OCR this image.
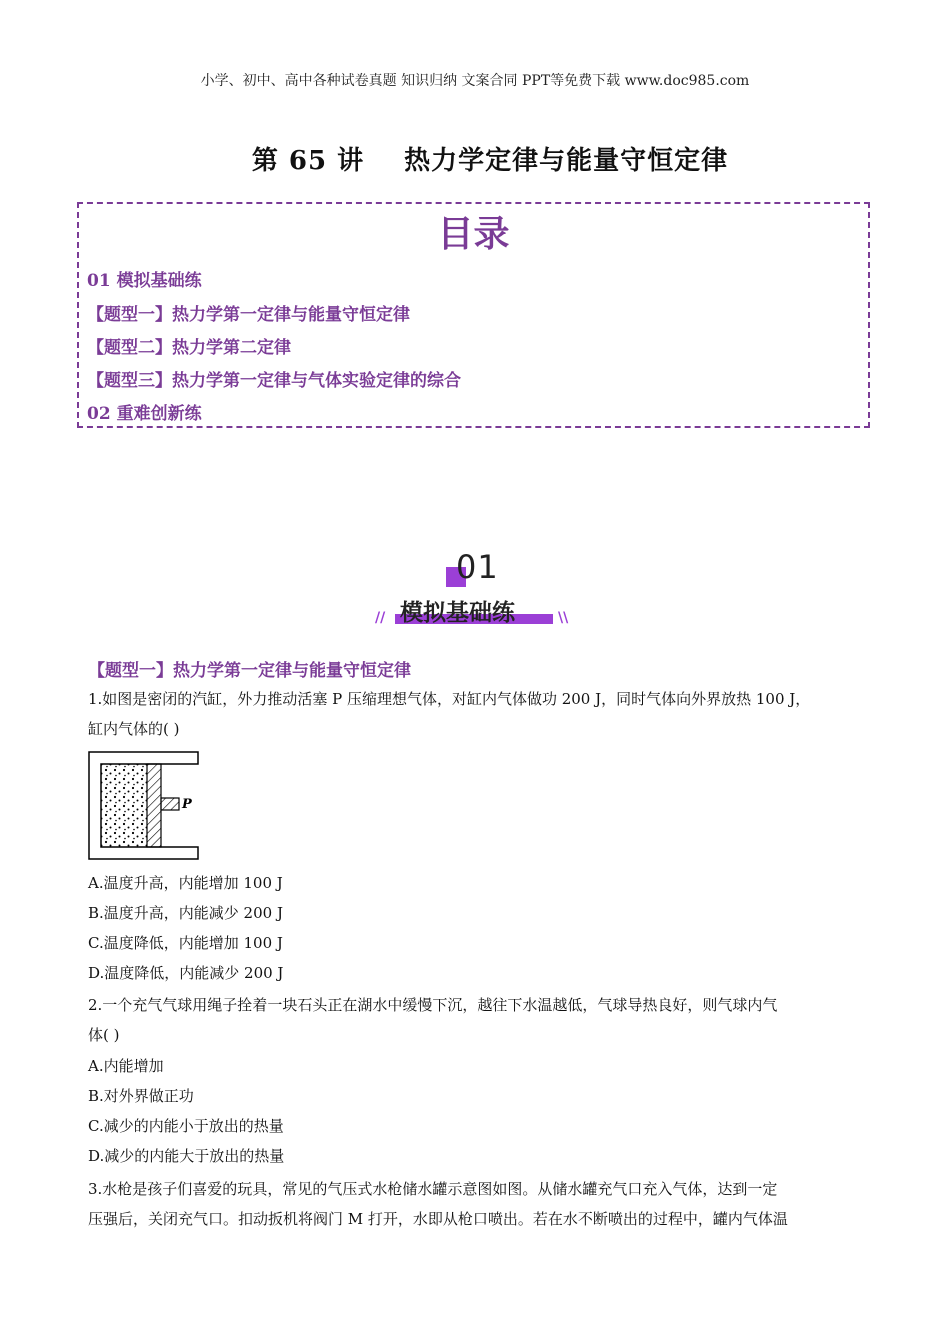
小学、初中、高中各种试卷真题 知识归纳 文案合同 PPT等免费下载 www.doc985.com
第 65 讲 热力学定律与能量守恒定律
目录
01 模拟基础练
【题型一】热力学第一定律与能量守恒定律
【题型二】热力学第二定律
【题型三】热力学第一定律与气体实验定律的综合
02 重难创新练
01
模拟基础练
//	\\
【题型一】热力学第一定律与能量守恒定律
1.如图是密闭的汽缸，外力推动活塞 P 压缩理想气体，对缸内气体做功 200 J，同时气体向外界放热 100 J，
缸内气体的( )
P
A.温度升高，内能增加 100 J
B.温度升高，内能减少 200 J
C.温度降低，内能增加 100 J
D.温度降低，内能减少 200 J
2.一个充气气球用绳子拴着一块石头正在湖水中缓慢下沉，越往下水温越低，气球导热良好，则气球内气
体( )
A.内能增加
B.对外界做正功
C.减少的内能小于放出的热量
D.减少的内能大于放出的热量
3.水枪是孩子们喜爱的玩具，常见的气压式水枪储水罐示意图如图。从储水罐充气口充入气体，达到一定
压强后，关闭充气口。扣动扳机将阀门 M 打开，水即从枪口喷出。若在水不断喷出的过程中，罐内气体温
